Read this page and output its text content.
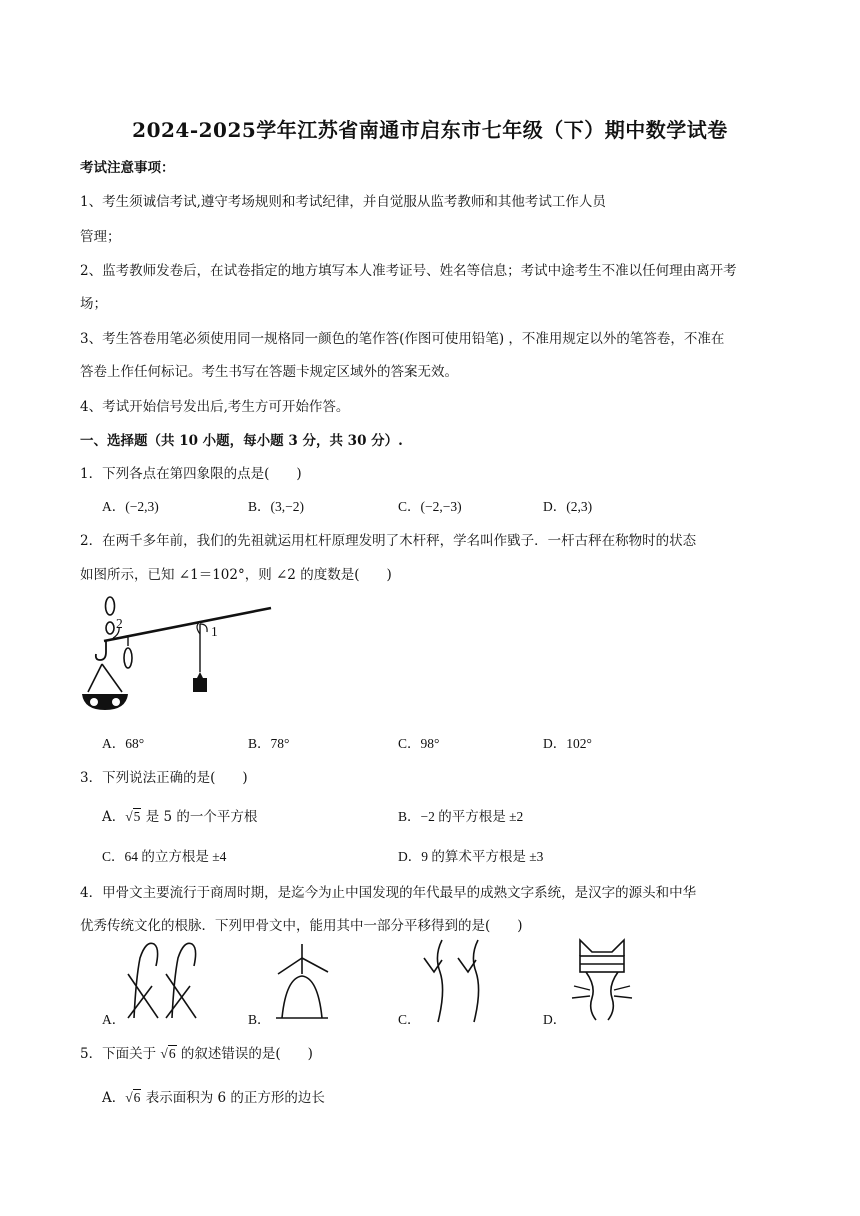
2024-2025学年江苏省南通市启东市七年级（下）期中数学试卷
考试注意事项：
1、考生须诚信考试,遵守考场规则和考试纪律，并自觉服从监考教师和其他考试工作人员
管理；
2、监考教师发卷后，在试卷指定的地方填写本人准考证号、姓名等信息；考试中途考生不准以任何理由离开考
场；
3、考生答卷用笔必须使用同一规格同一颜色的笔作答(作图可使用铅笔) ，不准用规定以外的笔答卷，不准在
答卷上作任何标记。考生书写在答题卡规定区域外的答案无效。
4、考试开始信号发出后,考生方可开始作答。
一、选择题（共 10 小题，每小题 3 分，共 30 分）.
1．下列各点在第四象限的点是(　　)
A．(−2,3)	B．(3,−2)	C．(−2,−3)	D．(2,3)
2．在两千多年前，我们的先祖就运用杠杆原理发明了木杆秤，学名叫作戥子．一杆古秤在称物时的状态
如图所示，已知 ∠1＝102°，则 ∠2 的度数是(　　)
2
1
A．68°	B．78°	C．98°	D．102°
3．下列说法正确的是(　　)
A．√5 是 5 的一个平方根	B．−2 的平方根是 ±2
C．64 的立方根是 ±4	D．9 的算术平方根是 ±3
4．甲骨文主要流行于商周时期，是迄今为止中国发现的年代最早的成熟文字系统，是汉字的源头和中华
优秀传统文化的根脉．下列甲骨文中，能用其中一部分平移得到的是(　　)
A．	B．	C．	D．
5．下面关于 √6 的叙述错误的是(　　)
A．√6 表示面积为 6 的正方形的边长
